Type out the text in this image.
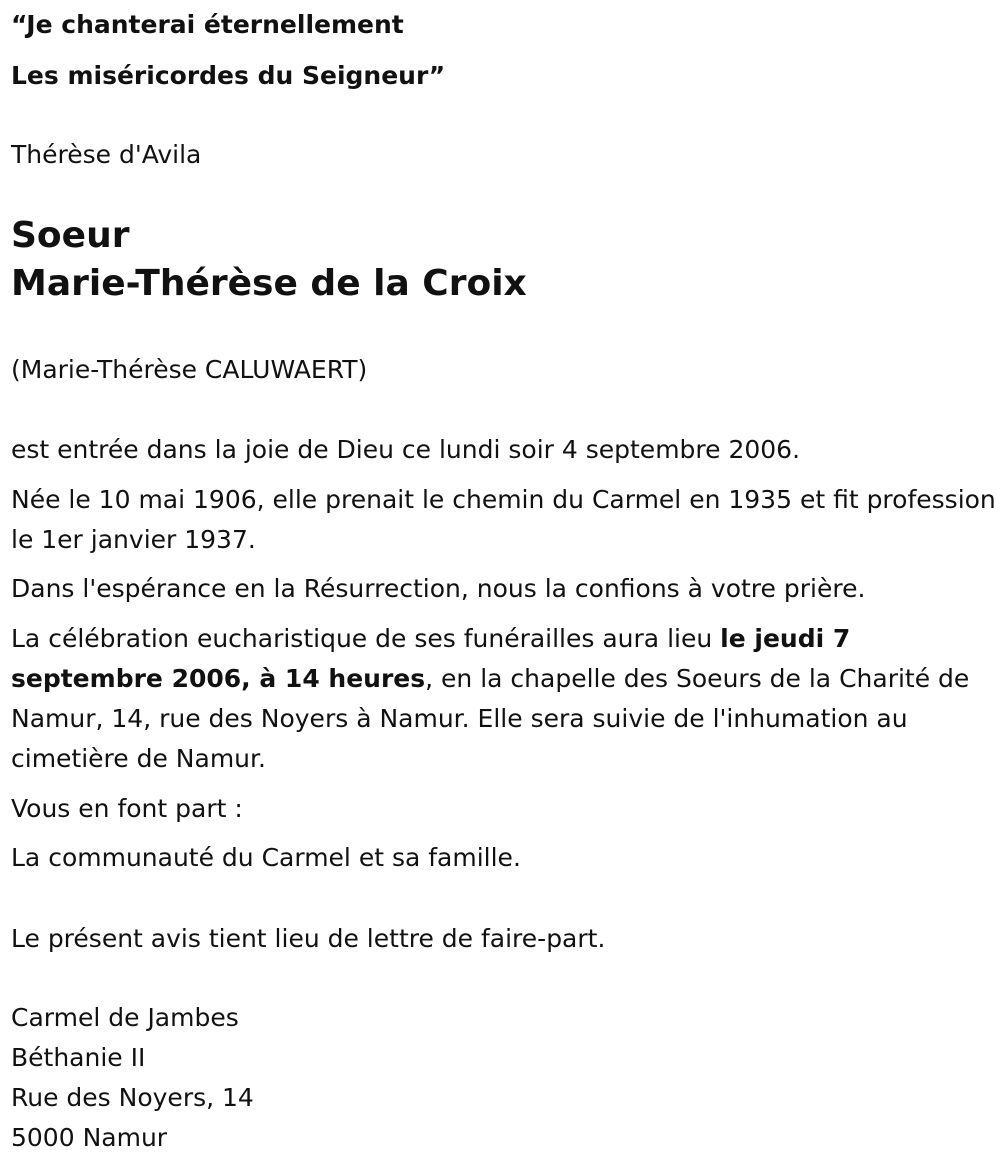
“Je chanterai éternellement
Les miséricordes du Seigneur”
Thérèse d'Avila
Soeur
Marie-Thérèse de la Croix
(Marie-Thérèse CALUWAERT)
est entrée dans la joie de Dieu ce lundi soir 4 septembre 2006.
Née le 10 mai 1906, elle prenait le chemin du Carmel en 1935 et fit profession le 1er janvier 1937.
Dans l'espérance en la Résurrection, nous la confions à votre prière.
La célébration eucharistique de ses funérailles aura lieu le jeudi 7 septembre 2006, à 14 heures, en la chapelle des Soeurs de la Charité de Namur, 14, rue des Noyers à Namur. Elle sera suivie de l'inhumation au cimetière de Namur.
Vous en font part :
La communauté du Carmel et sa famille.
Le présent avis tient lieu de lettre de faire-part.
Carmel de Jambes
Béthanie II
Rue des Noyers, 14
5000 Namur
